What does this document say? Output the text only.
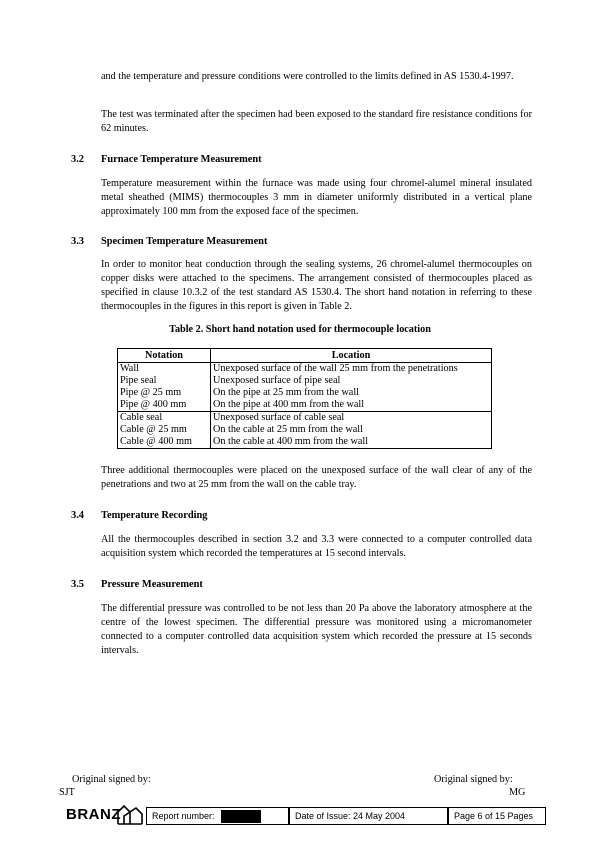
and the temperature and pressure conditions were controlled to the limits defined in AS 1530.4-1997.

The test was terminated after the specimen had been exposed to the standard fire resistance conditions for 62 minutes.

3.2 Furnace Temperature Measurement

Temperature measurement within the furnace was made using four chromel-alumel mineral insulated metal sheathed (MIMS) thermocouples 3 mm in diameter uniformly distributed in a vertical plane approximately 100 mm from the exposed face of the specimen.

3.3 Specimen Temperature Measurement

In order to monitor heat conduction through the sealing systems, 26 chromel-alumel thermocouples on copper disks were attached to the specimens. The arrangement consisted of thermocouples placed as specified in clause 10.3.2 of the test standard AS 1530.4. The short hand notation in referring to these thermocouples in the figures in this report is given in Table 2.

Table 2. Short hand notation used for thermocouple location
Notation	Location
Wall	Unexposed surface of the wall 25 mm from the penetrations
Pipe seal	Unexposed surface of pipe seal
Pipe @ 25 mm	On the pipe at 25 mm from the wall
Pipe @ 400 mm	On the pipe at 400 mm from the wall
Cable seal	Unexposed surface of cable seal
Cable @ 25 mm	On the cable at 25 mm from the wall
Cable @ 400 mm	On the cable at 400 mm from the wall

Three additional thermocouples were placed on the unexposed surface of the wall clear of any of the penetrations and two at 25 mm from the wall on the cable tray.

3.4 Temperature Recording

All the thermocouples described in section 3.2 and 3.3 were connected to a computer controlled data acquisition system which recorded the temperatures at 15 second intervals.

3.5 Pressure Measurement

The differential pressure was controlled to be not less than 20 Pa above the laboratory atmosphere at the centre of the lowest specimen. The differential pressure was monitored using a micromanometer connected to a computer controlled data acquisition system which recorded the pressure at 15 seconds intervals.

Original signed by:
SJT
Original signed by:
MG
BRANZ	Report number:	Date of Issue: 24 May 2004	Page 6 of 15 Pages
